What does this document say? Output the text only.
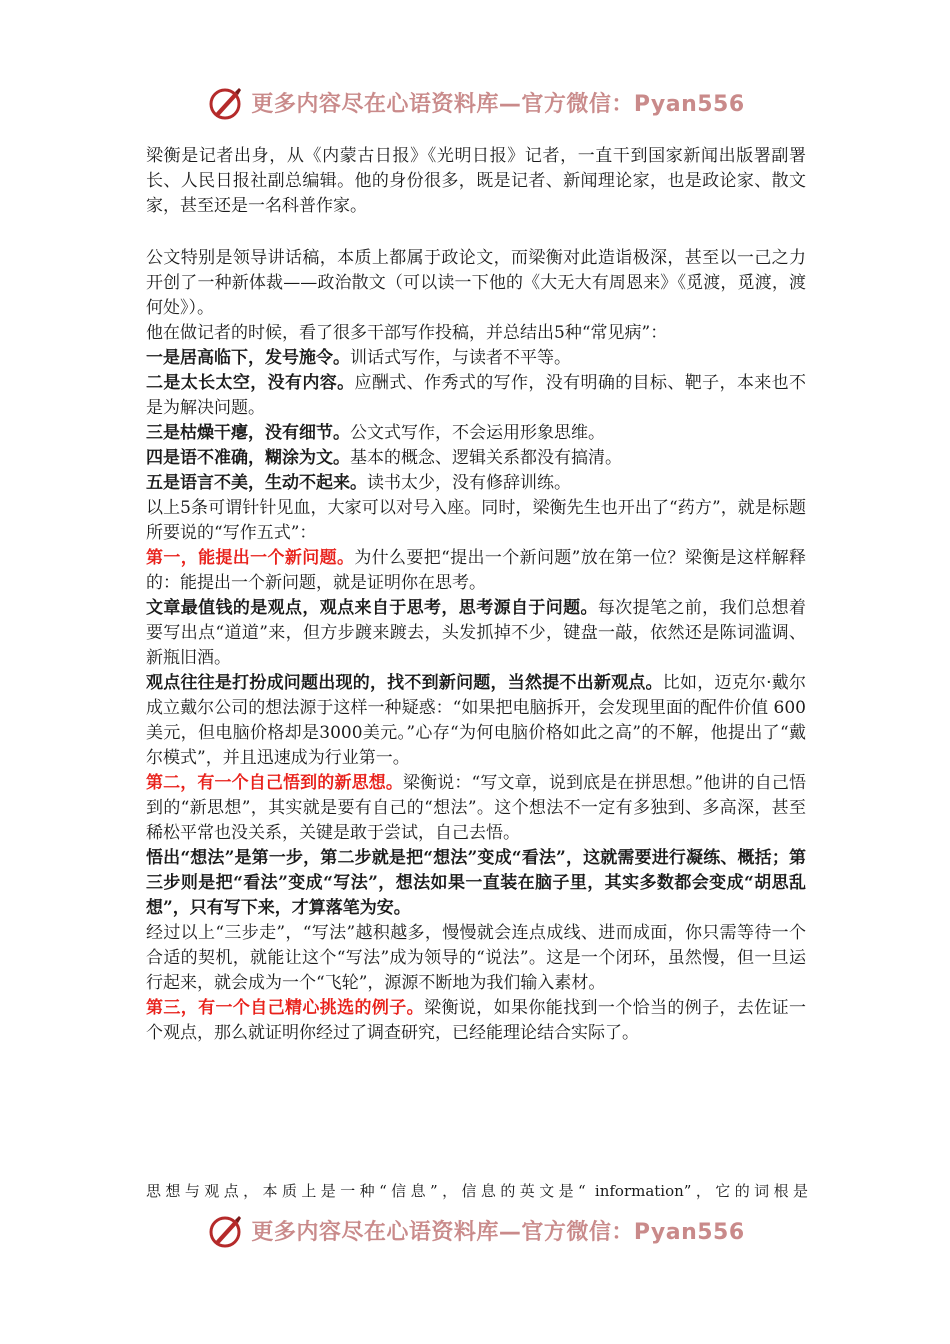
更多内容尽在心语资料库—官方微信：Pyan556

梁衡是记者出身，从《内蒙古日报》《光明日报》记者，一直干到国家新闻出版署副署长、人民日报社副总编辑。他的身份很多，既是记者、新闻理论家，也是政论家、散文家，甚至还是一名科普作家。

公文特别是领导讲话稿，本质上都属于政论文，而梁衡对此造诣极深，甚至以一己之力开创了一种新体裁——政治散文（可以读一下他的《大无大有周恩来》《觅渡，觅渡，渡何处》）。

他在做记者的时候，看了很多干部写作投稿，并总结出5种“常见病”：

一是居高临下，发号施令。训话式写作，与读者不平等。

二是太长太空，没有内容。应酬式、作秀式的写作，没有明确的目标、靶子，本来也不是为解决问题。

三是枯燥干瘪，没有细节。公文式写作，不会运用形象思维。

四是语不准确，糊涂为文。基本的概念、逻辑关系都没有搞清。

五是语言不美，生动不起来。读书太少，没有修辞训练。

以上5条可谓针针见血，大家可以对号入座。同时，梁衡先生也开出了“药方”，就是标题所要说的“写作五式”：

第一，能提出一个新问题。为什么要把“提出一个新问题”放在第一位？梁衡是这样解释的：能提出一个新问题，就是证明你在思考。

文章最值钱的是观点，观点来自于思考，思考源自于问题。每次提笔之前，我们总想着要写出点“道道”来，但方步踱来踱去，头发抓掉不少，键盘一敲，依然还是陈词滥调、新瓶旧酒。

观点往往是打扮成问题出现的，找不到新问题，当然提不出新观点。比如，迈克尔·戴尔成立戴尔公司的想法源于这样一种疑惑：“如果把电脑拆开，会发现里面的配件价值 600美元，但电脑价格却是3000美元。”心存“为何电脑价格如此之高”的不解，他提出了“戴尔模式”，并且迅速成为行业第一。

第二，有一个自己悟到的新思想。梁衡说：“写文章，说到底是在拼思想。”他讲的自己悟到的“新思想”，其实就是要有自己的“想法”。这个想法不一定有多独到、多高深，甚至稀松平常也没关系，关键是敢于尝试，自己去悟。

悟出“想法”是第一步，第二步就是把“想法”变成“看法”，这就需要进行凝练、概括；第三步则是把“看法”变成“写法”，想法如果一直装在脑子里，其实多数都会变成“胡思乱想”，只有写下来，才算落笔为安。

经过以上“三步走”，“写法”越积越多，慢慢就会连点成线、进而成面，你只需等待一个合适的契机，就能让这个“写法”成为领导的“说法”。这是一个闭环，虽然慢，但一旦运行起来，就会成为一个“飞轮”，源源不断地为我们输入素材。

第三，有一个自己精心挑选的例子。梁衡说，如果你能找到一个恰当的例子，去佐证一个观点，那么就证明你经过了调查研究，已经能理论结合实际了。

思想与观点，本质上是一种“信息”，信息的英文是“ information”，它的词根是

更多内容尽在心语资料库—官方微信：Pyan556
